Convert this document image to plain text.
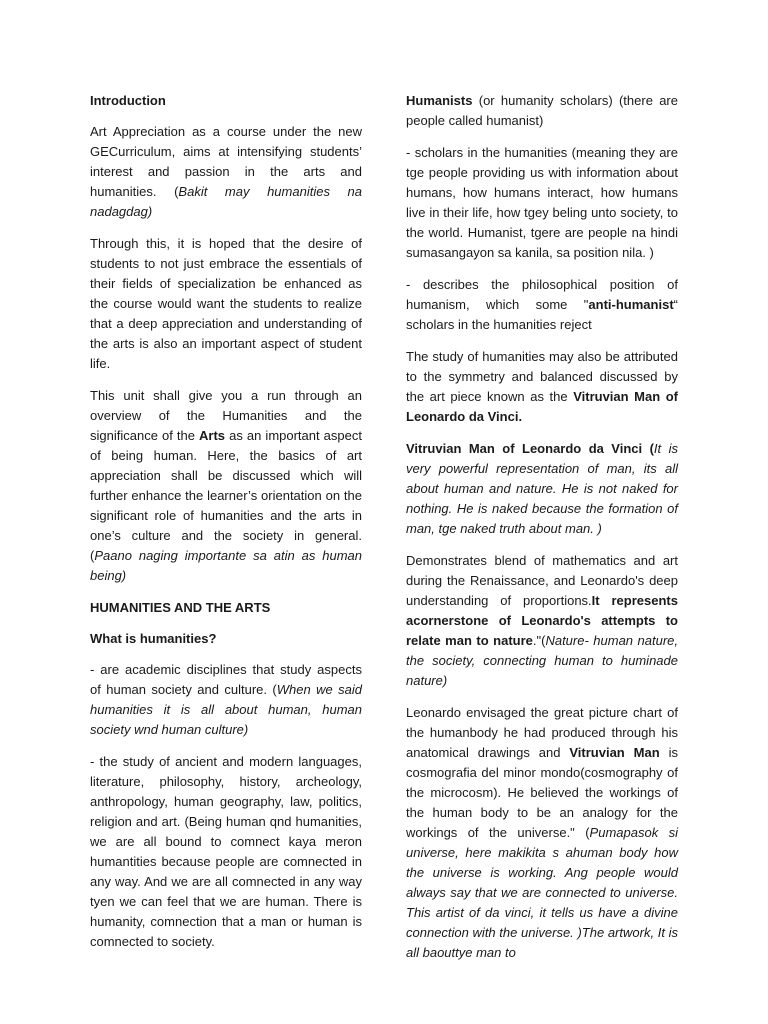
Introduction

Art Appreciation as a course under the new GECurriculum, aims at intensifying students’ interest and passion in the arts and humanities. (Bakit may humanities na nadagdag)

Through this, it is hoped that the desire of students to not just embrace the essentials of their fields of specialization be enhanced as the course would want the students to realize that a deep appreciation and understanding of the arts is also an important aspect of student life.

This unit shall give you a run through an overview of the Humanities and the significance of the Arts as an important aspect of being human. Here, the basics of art appreciation shall be discussed which will further enhance the learner’s orientation on the significant role of humanities and the arts in one’s culture and the society in general. (Paano naging importante sa atin as human being)

HUMANITIES AND THE ARTS

What is humanities?

- are academic disciplines that study aspects of human society and culture. (When we said humanities it is all about human, human society wnd human culture)

- the study of ancient and modern languages, literature, philosophy, history, archeology, anthropology, human geography, law, politics, religion and art. (Being human qnd humanities, we are all bound to comnect kaya meron humantities because people are comnected in any way. And we are all comnected in any way tyen we can feel that we are human. There is humanity, comnection that a man or human is comnected to society.

Humanists (or humanity scholars) (there are people called humanist)

- scholars in the humanities (meaning they are tge people providing us with information about humans, how humans interact, how humans live in their life, how tgey beling unto society, to the world. Humanist, tgere are people na hindi sumasangayon sa kanila, sa position nila. )

- describes the philosophical position of humanism, which some "anti-humanist“ scholars in the humanities reject

The study of humanities may also be attributed to the symmetry and balanced discussed by the art piece known as the Vitruvian Man of Leonardo da Vinci.

Vitruvian Man of Leonardo da Vinci (It is very powerful representation of man, its all about human and nature. He is not naked for nothing. He is naked because the formation of man, tge naked truth about man. )

Demonstrates blend of mathematics and art during the Renaissance, and Leonardo's deep understanding of proportions.It represents acornerstone of Leonardo's attempts to relate man to nature."(Nature- human nature, the society, connecting human to huminade nature)

Leonardo envisaged the great picture chart of the humanbody he had produced through his anatomical drawings and Vitruvian Man is cosmografia del minor mondo(cosmography of the microcosm). He believed the workings of the human body to be an analogy for the workings of the universe." (Pumapasok si universe, here makikita s ahuman body how the universe is working. Ang people would always say that we are connected to universe. This artist of da vinci, it tells us have a divine connection with the universe. )The artwork, It is all baouttye man to
